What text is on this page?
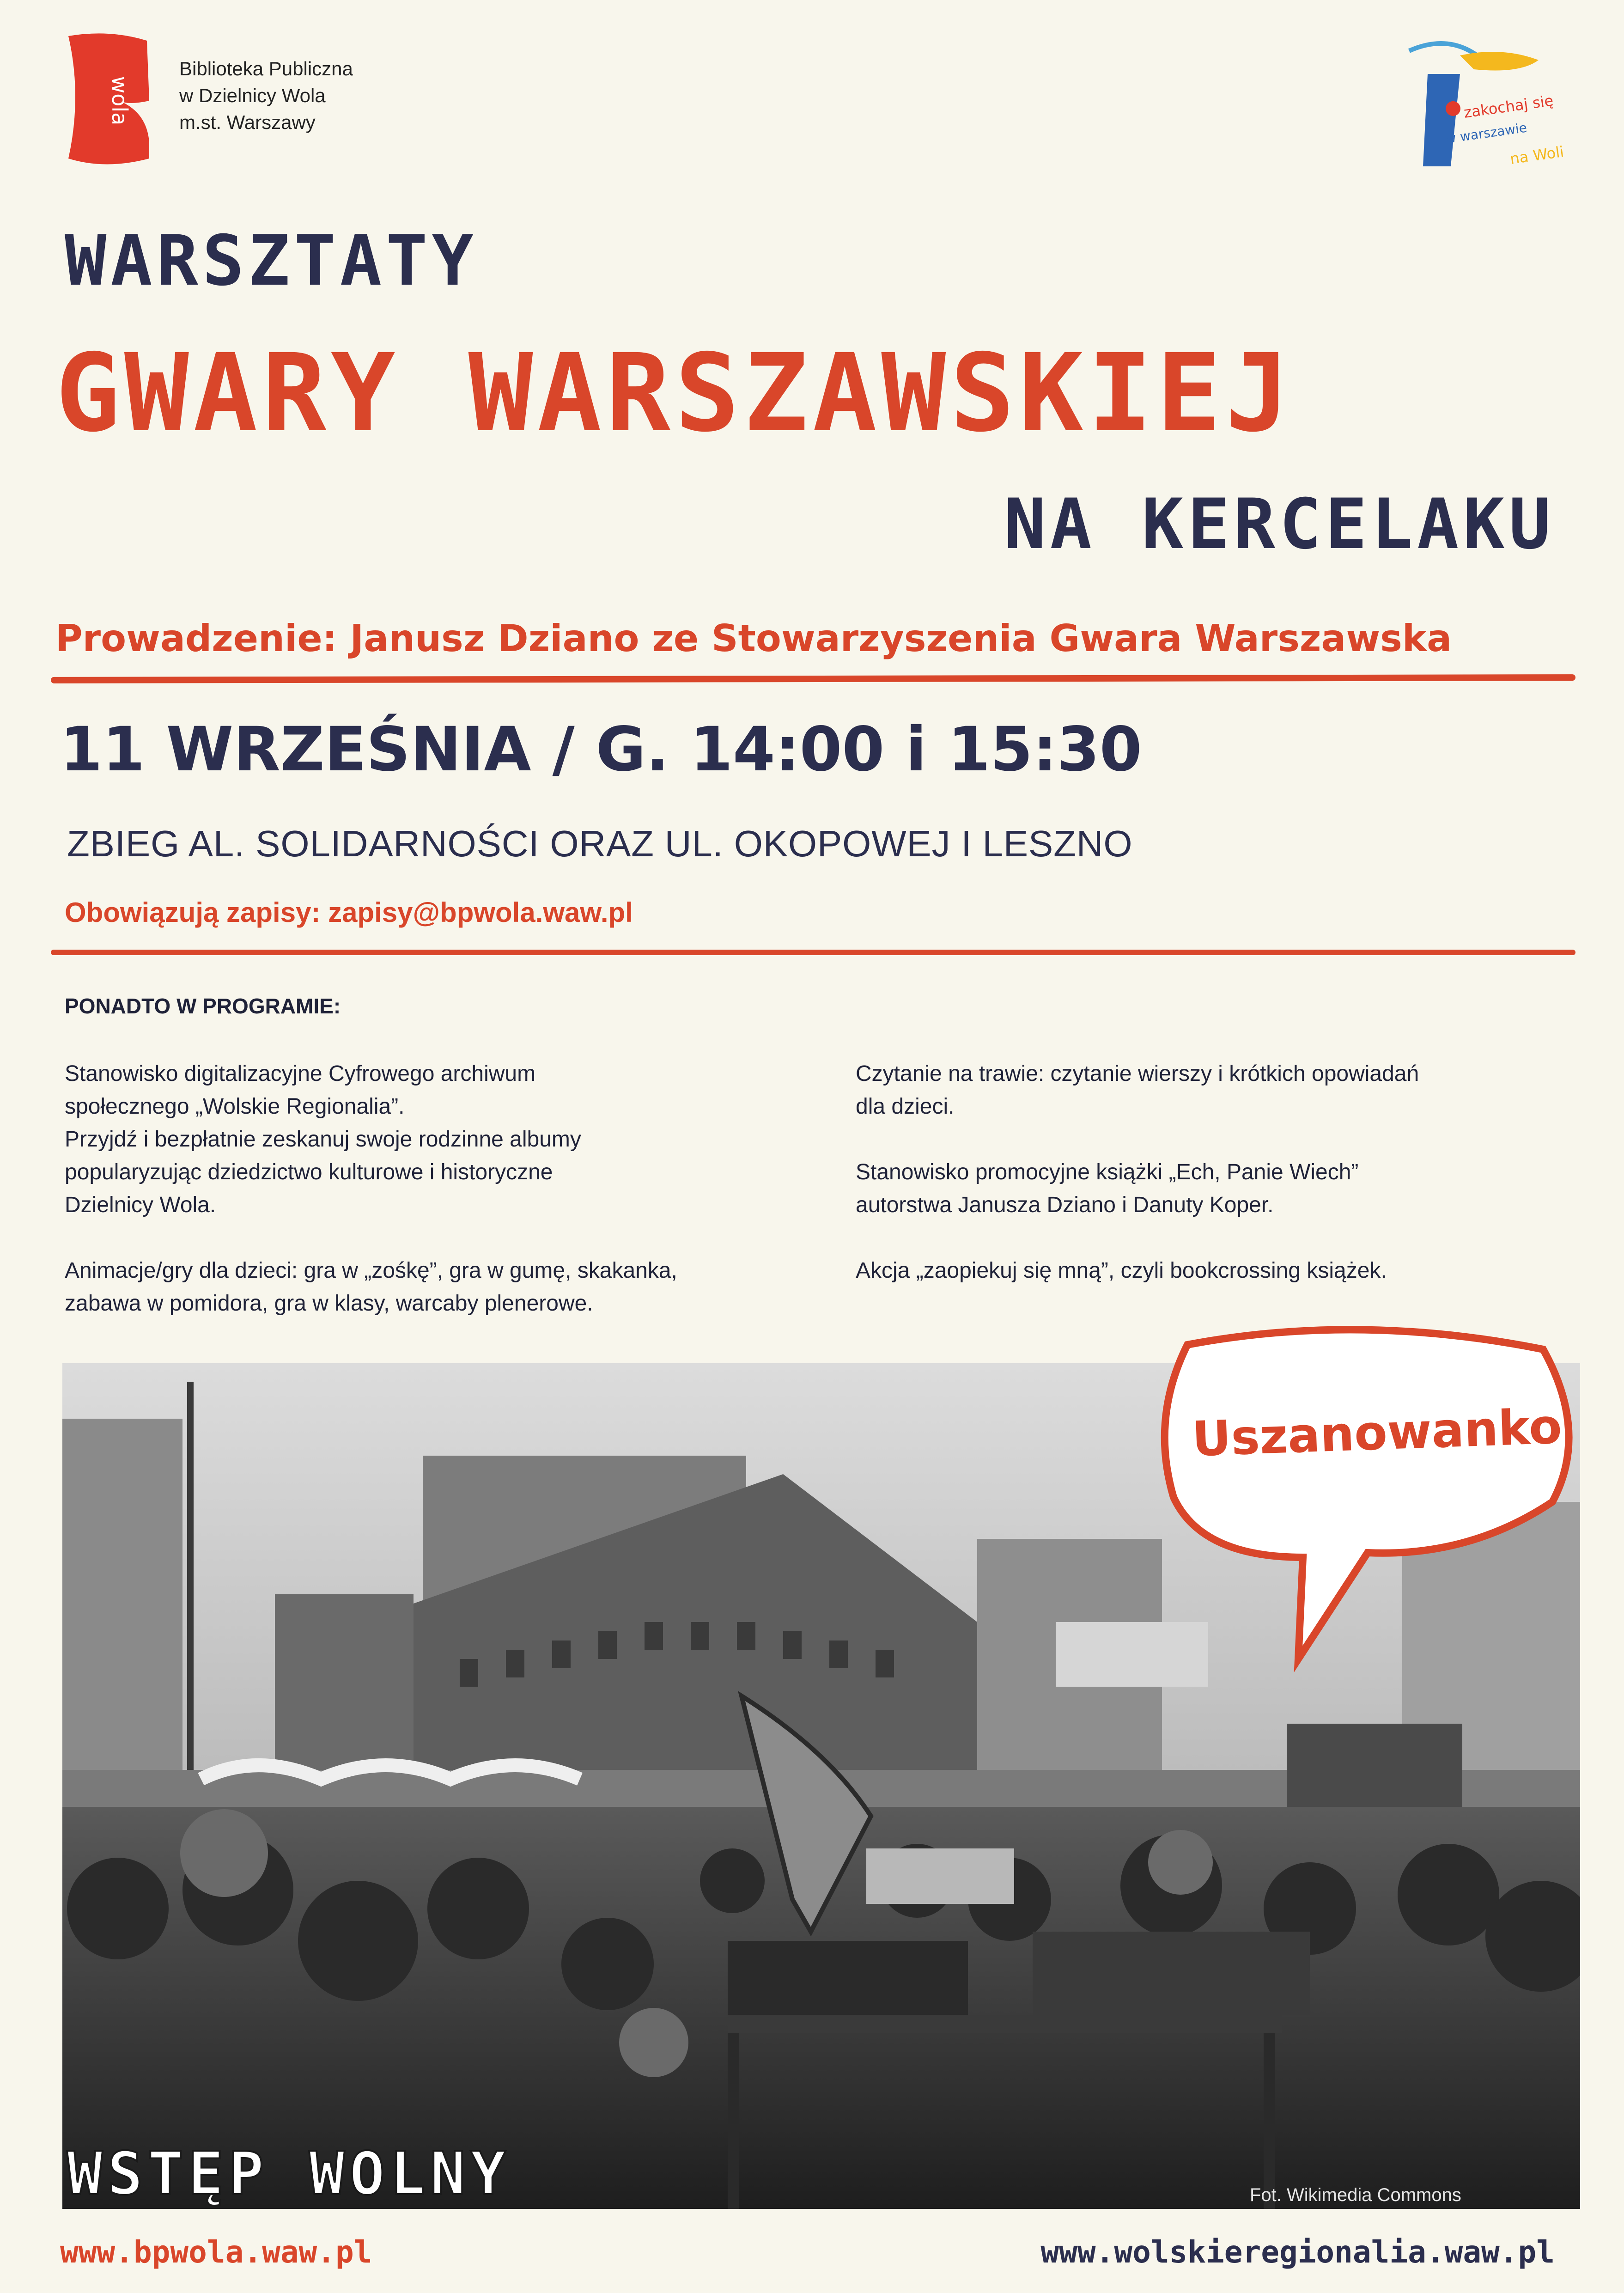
wola
Biblioteka Publiczna
w Dzielnicy Wola
m.st. Warszawy
zakochaj się
w warszawie
na Woli
WARSZTATY
GWARY WARSZAWSKIEJ
NA KERCELAKU
Prowadzenie: Janusz Dziano ze Stowarzyszenia Gwara Warszawska
11 WRZEŚNIA / G. 14:00 i 15:30
ZBIEG AL. SOLIDARNOŚCI ORAZ UL. OKOPOWEJ I LESZNO
Obowiązują zapisy: zapisy@bpwola.waw.pl
PONADTO W PROGRAMIE:

Stanowisko digitalizacyjne Cyfrowego archiwum

społecznego „Wolskie Regionalia”.

Przyjdź i bezpłatnie zeskanuj swoje rodzinne albumy

popularyzując dziedzictwo kulturowe i historyczne

Dzielnicy Wola.

Animacje/gry dla dzieci: gra w „zośkę”, gra w gumę, skakanka,

zabawa w pomidora, gra w klasy, warcaby plenerowe.

Czytanie na trawie: czytanie wierszy i krótkich opowiadań

dla dzieci.

Stanowisko promocyjne książki „Ech, Panie Wiech”

autorstwa Janusza Dziano i Danuty Koper.

Akcja „zaopiekuj się mną”, czyli bookcrossing książek.

WSTĘP WOLNY	Fot. Wikimedia Commons
Uszanowanko
www.bpwola.waw.pl	www.wolskieregionalia.waw.pl
